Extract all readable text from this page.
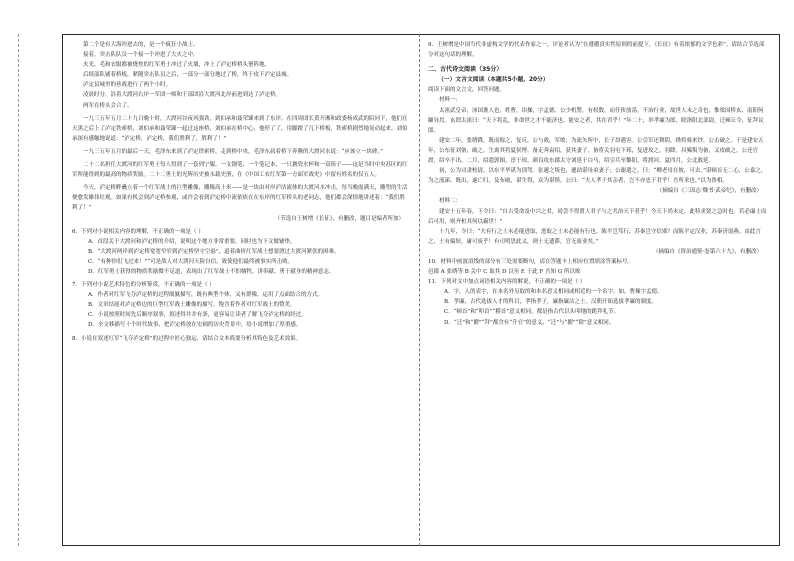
第二个是有大海冲进去的，是一个疯狂小战士。

接着，突击队队员一个接一个冲进了大火之中。

火光、毛和衣服都被烧焦的红军勇士冲过了火墙，冲上了泸定桥桥头堡阵地。

后续部队铺着桥板，紧随突击队员之后，一部分一部分地过了桥，终于攻下泸定县城。

泸定县城里的巷战进行了两个小时。

凌晨时分，沿着大渡河右岸一军团一师和干部团沿大渡河北岸前进到达了泸定桥。

两军在桥头会合了。

一九三五年五月二十九日晚十时，大渡河谷夜风强劲，到伯承和聂荣臻来到了东岸。在四周团长黄开湘和政委杨成武的陪同下，他们在天黑之后上了泸定铁索桥，刘伯承和聂荣臻一起过这座桥，刘伯承在桥中心，他停了了，用脚蹬了几下桥板，铁索桥剧烈地晃动起来。刘伯承深有感触地说道：“泸定桥，泸定桥，我们胜利了，胜利了！”

一九三五年五月的最后一天，毛泽东来到了泸定铁索桥。走到桥中央，毛泽东叔着桥下奔腾的大渡河水说：“应该立一块碑。”

二十二名担任大渡河的红军勇士每人得到了一套列宁服、一支钢笔、一个笔记本、一只搪瓷水杯和一双筷子——这是当时中央苏区的红军所能得到的最高的物质奖励。二十二勇士的光辉历史被永载史册，在《中国工农红军第一方面军战史》中留有姓名的仅五人。

今天，泸定桥畔矗立着一个红军战士的巨型雕像，雕像高十米——是一块由对岸泸沽流体的大渡河水冲击，每当晚霞满天，雕塑的生活便愈发雄伟壮观。如果有机会到泸定桥参观，或许会看到泸定桥中流依依在在东岸的红军桥头的老同志，他们都会深情地讲述着：“我们胜利了！”

（节选自王树增《长征》，有删改，题目是编者所加）

6．下列对小说相关内容的理解，不正确的一项是（ ）

A．首段关于大渡河和泸定桥的介绍，说明这个地方非常重要，同时也为下文做铺垫。

B．“大渡河两岸到泸定桥宽宽窄窄到泸定桥坚守空悬”，道着曲折红军战士想要渡过大渡河紧张的困难。

C．“有种你们飞过来！”“可是敌人对大渡河天险自信，致使他们最终被事实所击败。

D．红军勇士获得的物质奖励微不足道，表现出了红军战士不怕牺牲，讲奉献、勇于献身的精神意志。

7．下列对小说艺术特色的分析鉴赏，不正确的一项是（ ）

A．作者对红军飞夺泸定桥的过程细腻描写，既有典型个体，又有群像，运用了点面结合的方式。

B．文章结尾对泸定桥边的巨型红军战士雕像的描写，饱含着作者对红军战士的赞美。

C．小说按照时间先后顺序叙事，叙述得井井有条，更容易让读者了解飞夺泸定桥的经过。

D．全文移描写十个时代故事，把泸定桥放在宏阔的历史背景中，给小说增加了厚重感。

8．小说在叙述红军“飞夺泸定桥”的过程中匠心独运，请结合文本简要分析其特色及艺术效果。

9．王树增是中国当代非虚构文学的代表作家之一，评论者认为“在遵循真实性原则的前提下，《长征》有着浓郁的文学色彩”。请结合节选部分对这句话的理解。

二、古代诗文阅读（35分）

（一）文言文阅读（本题共5小题，20分）

阅读下面的文言文，回答问题。

材料一：

太祖武皇帝，沛国谯人也，姓曹，讳操，字孟德。公少机警，有权数，而任侠放荡，不治行业，故世人未之奇也；惟梁国桥玄、南阳何颙异焉。玄谓太祖曰：“天下将乱，非命世之才不能济也。能安之者，其在君乎！”年二十，举孝廉为郎，除洛阳北部尉，迁顿丘令，征拜议郎。

建安二年，张绣降，既而悔之，复反。公与战，军败，为流矢所中，长子昂遇害。公引军还舞阴，绣将骑来钞，公击破之。于是建安五年，公东征刘备，破之，生禽其将夏侯博。备走奔袁绍，获其妻子。备将关羽屯下邳，复进攻之，羽降。昌豨叛为备，又攻破之。公还官渡，绍卒不出。二月，绍遣郭图、淳于琼、颜良攻东郡太守刘延于白马，绍引兵至黎阳，将渡河。夏四月，公北救延。

初，公为司隶校尉，以东平毕谌为别驾。张邈之叛也，邈劫谌母弟妻子；公谢遣之，曰：“卿老母在彼，可去。”谌顿首无二心，公嘉之，为之流涕。既出，遂亡归。及布破，谌生得，众为谌惧，公曰：“夫人孝于其亲者，岂不亦忠于君乎！吾所求也。”以为鲁相。

（摘编自《三国志·魏书·武帝纪》，有删改）

材料二：

建安十五年春，下令曰：“自古受命及中兴之君，曷尝不得贤人君子与之共治天下者乎！今天下尚未定，此特求贤之急时也。若必廉士而后可用，则齐桓其何以霸世！”

十九年，令曰：“夫有行之士未必能进取，进取之士未必能有行也。陈平岂笃行，苏秦岂守信邪？而陈平定汉业，苏秦济弱燕。由此言之，士有偏短，庸可废乎！有司明思此义，则士无遗滞，官无废业矣。”

（摘编自《资治通鉴·卷第六十九》，有删改）

10．材料中画波浪线的部分有三处需要断句，请在答题卡上相应位置填涂答案标号。

邑郡 A 张绣等 B 关中 C 取其 D 以至 E 于此 F 吾知 G 所以败

11．下列对文中加点词语相关内容的解说，不正确的一项是（ ）

A．字，人的表字，在本名外另取的和本名意义相同或相近的一个名字。如，曹操字孟德。

B．孝廉，古代选拔人才的科目，孝指孝子，廉指廉洁之士。汉朝开始选拔孝廉的制度。

C．“顿首”和“叩首”“稽首”意义相同，都是指古代以头叩地的跪拜礼节。

D．“迁”和“擢”“拜”都含有“升官”的意义，“迁”与“擢”“除”意义相同。
